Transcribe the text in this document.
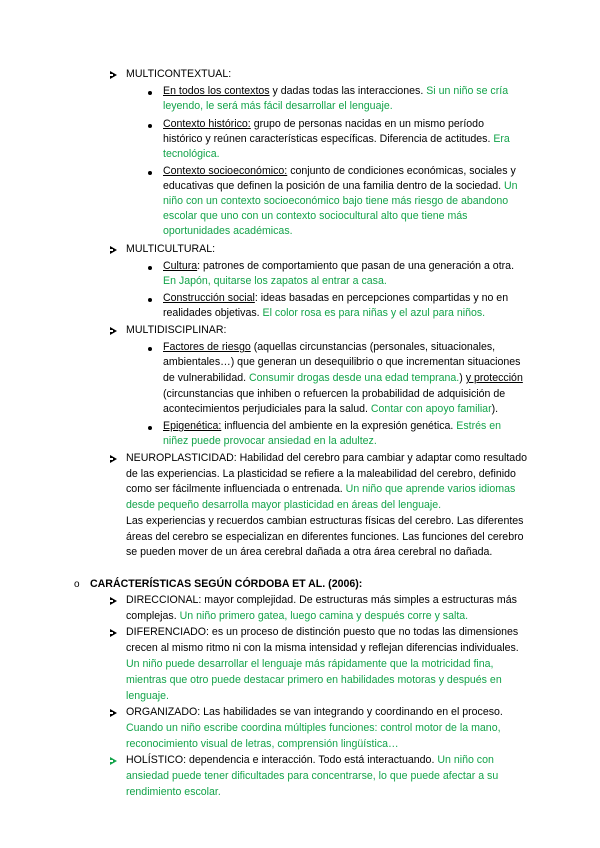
MULTICONTEXTUAL:
En todos los contextos y dadas todas las interacciones. Si un niño se cría
leyendo, le será más fácil desarrollar el lenguaje.
Contexto histórico: grupo de personas nacidas en un mismo período
histórico y reúnen características específicas. Diferencia de actitudes. Era
tecnológica.
Contexto socioeconómico: conjunto de condiciones económicas, sociales y
educativas que definen la posición de una familia dentro de la sociedad. Un
niño con un contexto socioeconómico bajo tiene más riesgo de abandono
escolar que uno con un contexto sociocultural alto que tiene más
oportunidades académicas.
MULTICULTURAL:
Cultura: patrones de comportamiento que pasan de una generación a otra.
En Japón, quitarse los zapatos al entrar a casa.
Construcción social: ideas basadas en percepciones compartidas y no en
realidades objetivas. El color rosa es para niñas y el azul para niños.
MULTIDISCIPLINAR:
Factores de riesgo (aquellas circunstancias (personales, situacionales,
ambientales…) que generan un desequilibrio o que incrementan situaciones
de vulnerabilidad. Consumir drogas desde una edad temprana.) y protección
(circunstancias que inhiben o refuercen la probabilidad de adquisición de
acontecimientos perjudiciales para la salud. Contar con apoyo familiar).
Epigenética: influencia del ambiente en la expresión genética. Estrés en
niñez puede provocar ansiedad en la adultez.
NEUROPLASTICIDAD: Habilidad del cerebro para cambiar y adaptar como resultado
de las experiencias. La plasticidad se refiere a la maleabilidad del cerebro, definido
como ser fácilmente influenciada o entrenada. Un niño que aprende varios idiomas
desde pequeño desarrolla mayor plasticidad en áreas del lenguaje.
Las experiencias y recuerdos cambian estructuras físicas del cerebro. Las diferentes
áreas del cerebro se especializan en diferentes funciones. Las funciones del cerebro
se pueden mover de un área cerebral dañada a otra área cerebral no dañada.
o CARÁCTERÍSTICAS SEGÚN CÓRDOBA ET AL. (2006):
DIRECCIONAL: mayor complejidad. De estructuras más simples a estructuras más
complejas. Un niño primero gatea, luego camina y después corre y salta.
DIFERENCIADO: es un proceso de distinción puesto que no todas las dimensiones
crecen al mismo ritmo ni con la misma intensidad y reflejan diferencias individuales.
Un niño puede desarrollar el lenguaje más rápidamente que la motricidad fina,
mientras que otro puede destacar primero en habilidades motoras y después en
lenguaje.
ORGANIZADO: Las habilidades se van integrando y coordinando en el proceso.
Cuando un niño escribe coordina múltiples funciones: control motor de la mano,
reconocimiento visual de letras, comprensión lingüística…
HOLÍSTICO: dependencia e interacción. Todo está interactuando. Un niño con
ansiedad puede tener dificultades para concentrarse, lo que puede afectar a su
rendimiento escolar.
